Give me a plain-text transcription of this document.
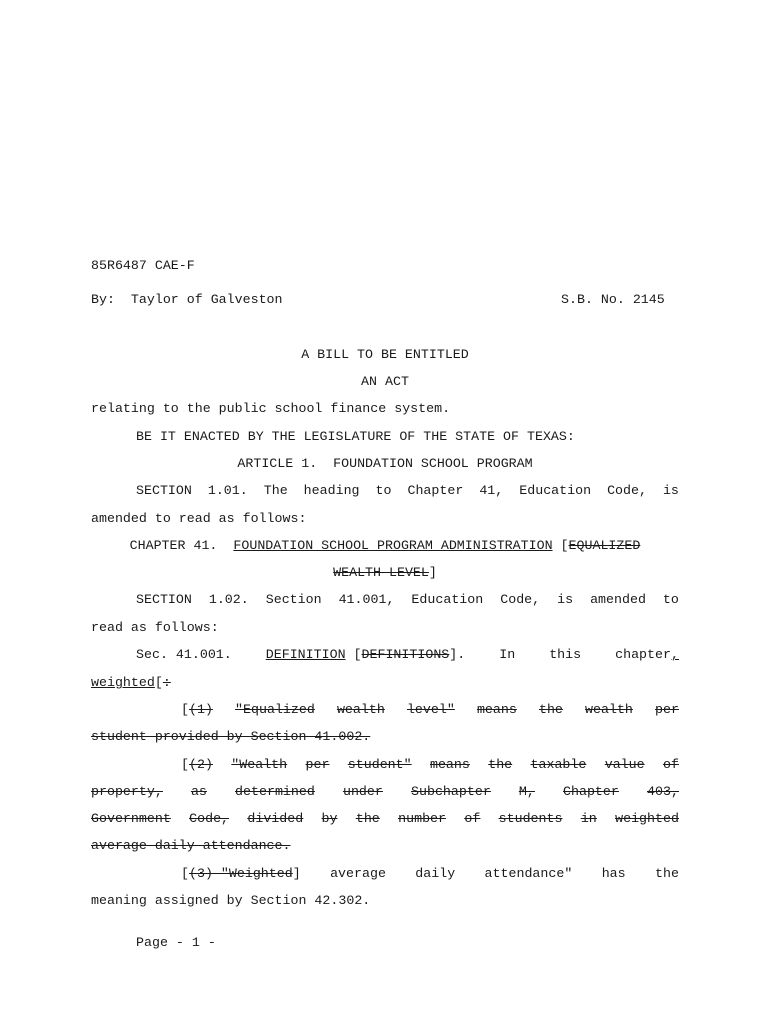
85R6487 CAE-F
By:  Taylor of Galveston	S.B. No. 2145
A BILL TO BE ENTITLED
AN ACT
relating to the public school finance system.
BE IT ENACTED BY THE LEGISLATURE OF THE STATE OF TEXAS:
ARTICLE 1.  FOUNDATION SCHOOL PROGRAM
SECTION 1.01. The heading to Chapter 41, Education Code, is
amended to read as follows:
CHAPTER 41.  FOUNDATION SCHOOL PROGRAM ADMINISTRATION [EQUALIZED
WEALTH LEVEL]
SECTION 1.02. Section 41.001, Education Code, is amended to
read as follows:
Sec. 41.001.	DEFINITION [DEFINITIONS].	In	this	chapter,
weighted[:
[(1) "Equalized wealth level" means the wealth per
student provided by Section 41.002.
[(2) "Wealth per student" means the taxable value of
property, as determined under Subchapter M, Chapter 403,
Government Code, divided by the number of students in weighted
average daily attendance.
[(3) "Weighted] average daily attendance" has the
meaning assigned by Section 42.302.
Page - 1 -
